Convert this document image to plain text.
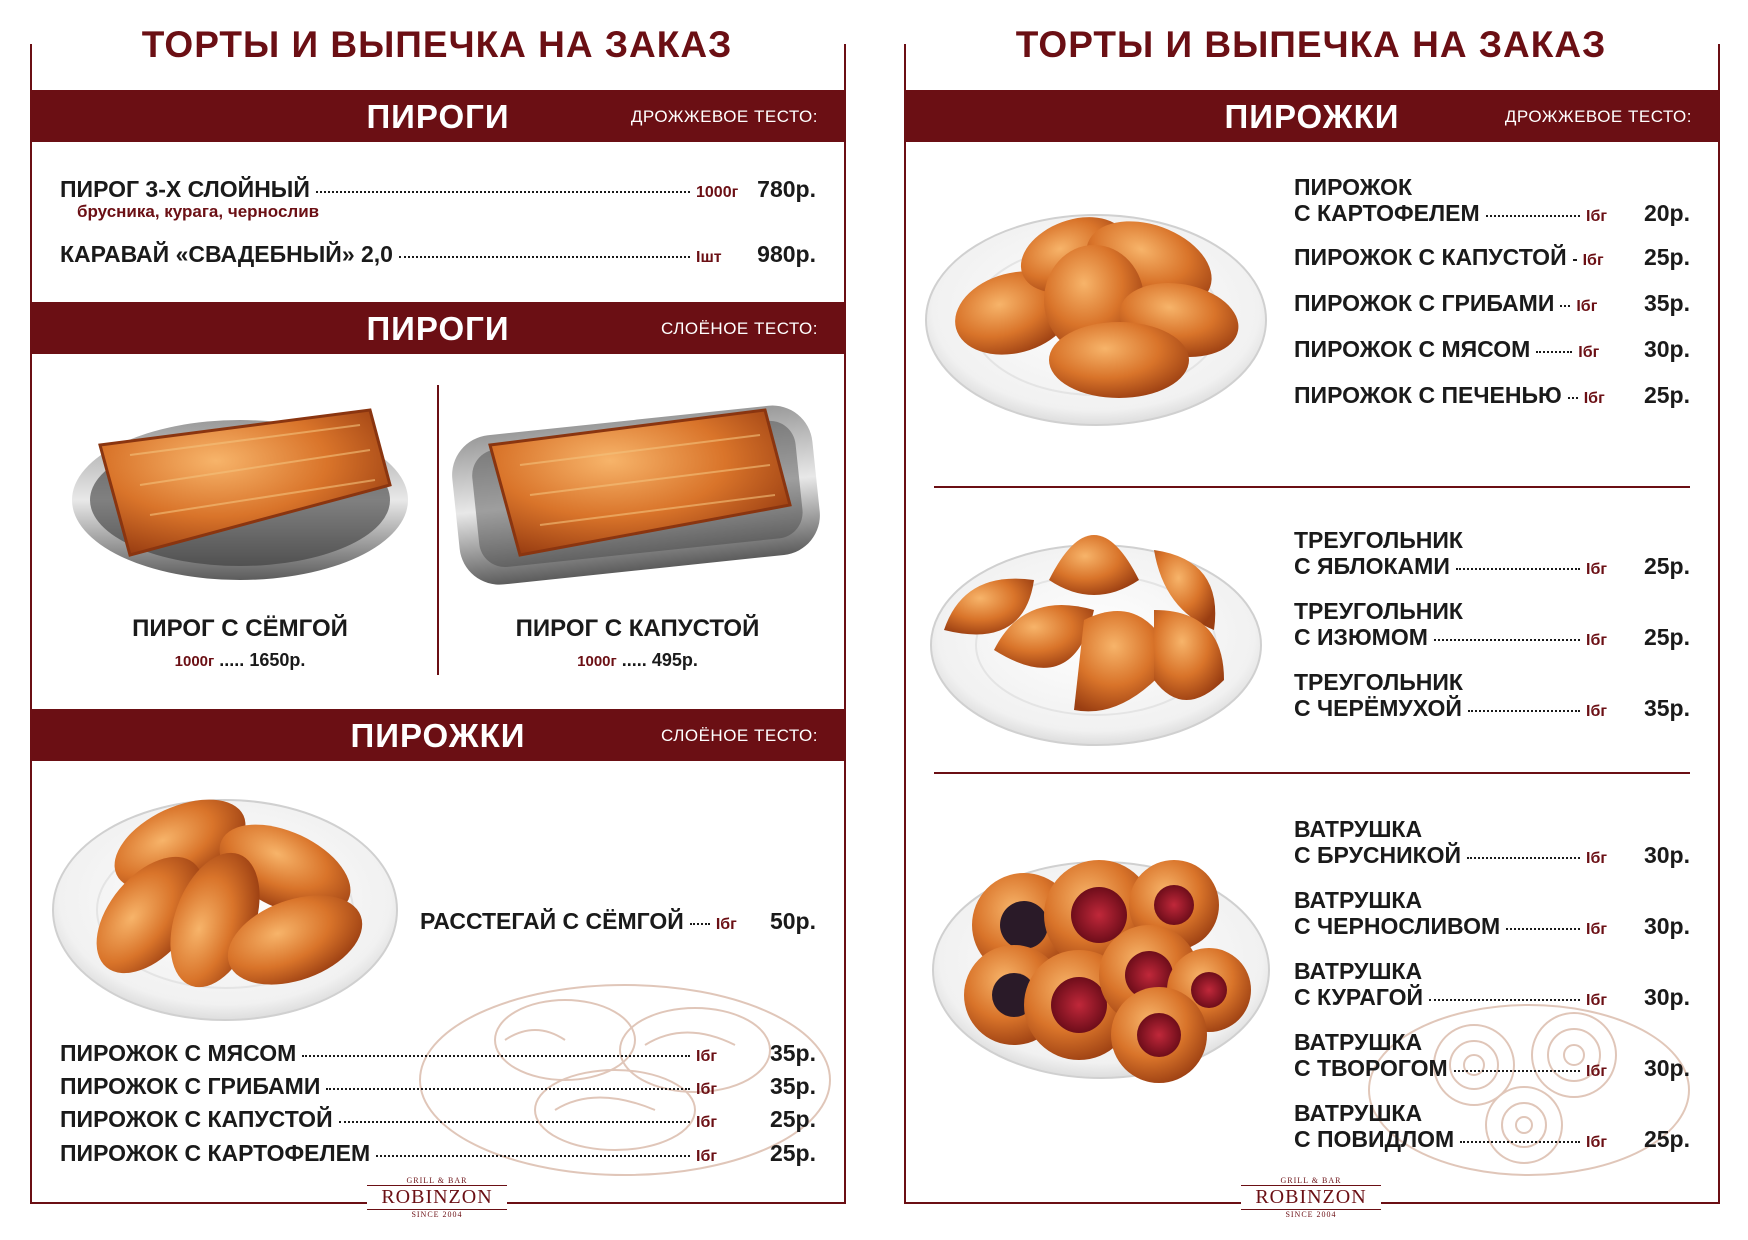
ТОРТЫ И ВЫПЕЧКА НА ЗАКАЗ
ПИРОГИ	ДРОЖЖЕВОЕ ТЕСТО:
ПИРОГ 3-Х СЛОЙНЫЙ	1000г 780р.
брусника, курага, чернослив
КАРАВАЙ «СВАДЕБНЫЙ» 2,0	Iшт	980р.
ПИРОГИ	СЛОЁНОЕ ТЕСТО:
ПИРОГ С СЁМГОЙ
1000г ..... 1650р.
ПИРОГ С КАПУСТОЙ
1000г ..... 495р.
ПИРОЖКИ	СЛОЁНОЕ ТЕСТО:
РАССТЕГАЙ С СЁМГОЙ Iбг	50р.
ПИРОЖОК С МЯСОМ	Iбг	35р.
ПИРОЖОК С ГРИБАМИ	Iбг	35р.
ПИРОЖОК С КАПУСТОЙ	Iбг	25р.
ПИРОЖОК С КАРТОФЕЛЕМ	Iбг	25р.
GRILL & BAR
ROBINZON
SINCE 2004
ТОРТЫ И ВЫПЕЧКА НА ЗАКАЗ
ПИРОЖКИ	ДРОЖЖЕВОЕ ТЕСТО:
ПИРОЖОК
С КАРТОФЕЛЕМ	Iбг	20р.
ПИРОЖОК С КАПУСТОЙ Iбг	25р.
ПИРОЖОК С ГРИБАМИ Iбг	35р.
ПИРОЖОК С МЯСОМ	Iбг	30р.
ПИРОЖОК С ПЕЧЕНЬЮ Iбг	25р.
ТРЕУГОЛЬНИК
С ЯБЛОКАМИ	Iбг	25р.
ТРЕУГОЛЬНИК
С ИЗЮМОМ	Iбг	25р.
ТРЕУГОЛЬНИК
С ЧЕРЁМУХОЙ	Iбг	35р.
ВАТРУШКА
С БРУСНИКОЙ	Iбг	30р.
ВАТРУШКА
С ЧЕРНОСЛИВОМ	Iбг	30р.
ВАТРУШКА
С КУРАГОЙ	Iбг	30р.
ВАТРУШКА
С ТВОРОГОМ	Iбг	30р.
ВАТРУШКА
С ПОВИДЛОМ	Iбг	25р.
GRILL & BAR
ROBINZON
SINCE 2004
